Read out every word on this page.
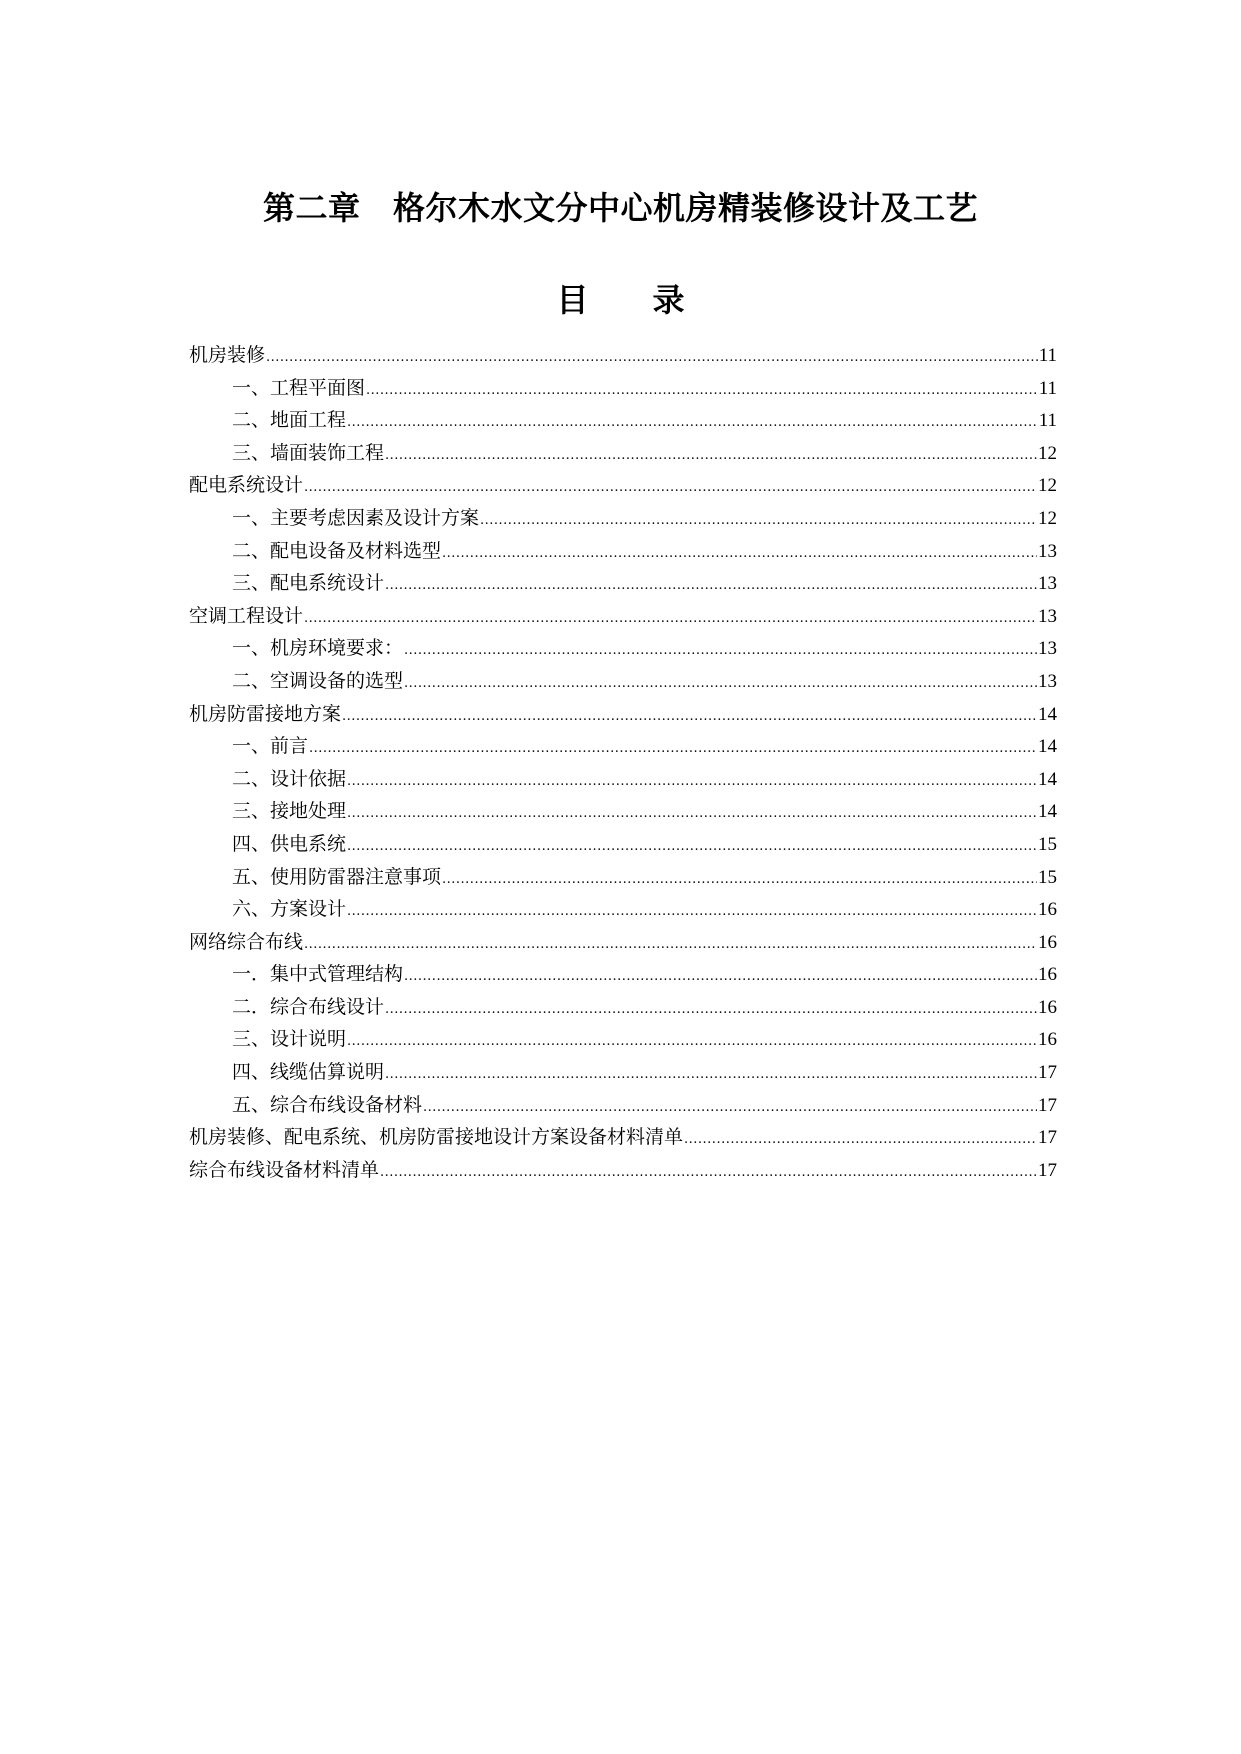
第二章　格尔木水文分中心机房精装修设计及工艺
目　　录
机房装修 .....	11
一、工程平面图 .....	11
二、地面工程 .....	11
三、墙面装饰工程 .....	12
配电系统设计 .....	12
一、主要考虑因素及设计方案 .....	12
二、配电设备及材料选型 .....	13
三、配电系统设计 .....	13
空调工程设计 .....	13
一、机房环境要求： .....	13
二、空调设备的选型 .....	13
机房防雷接地方案 .....	14
一、前言 .....	14
二、设计依据 .....	14
三、接地处理 .....	14
四、供电系统 .....	15
五、使用防雷器注意事项 .....	15
六、方案设计 .....	16
网络综合布线 .....	16
一．集中式管理结构 .....	16
二．综合布线设计 .....	16
三、设计说明 .....	16
四、线缆估算说明 .....	17
五、综合布线设备材料 .....	17
机房装修、配电系统、机房防雷接地设计方案设备材料清单 .....	17
综合布线设备材料清单 .....	17
